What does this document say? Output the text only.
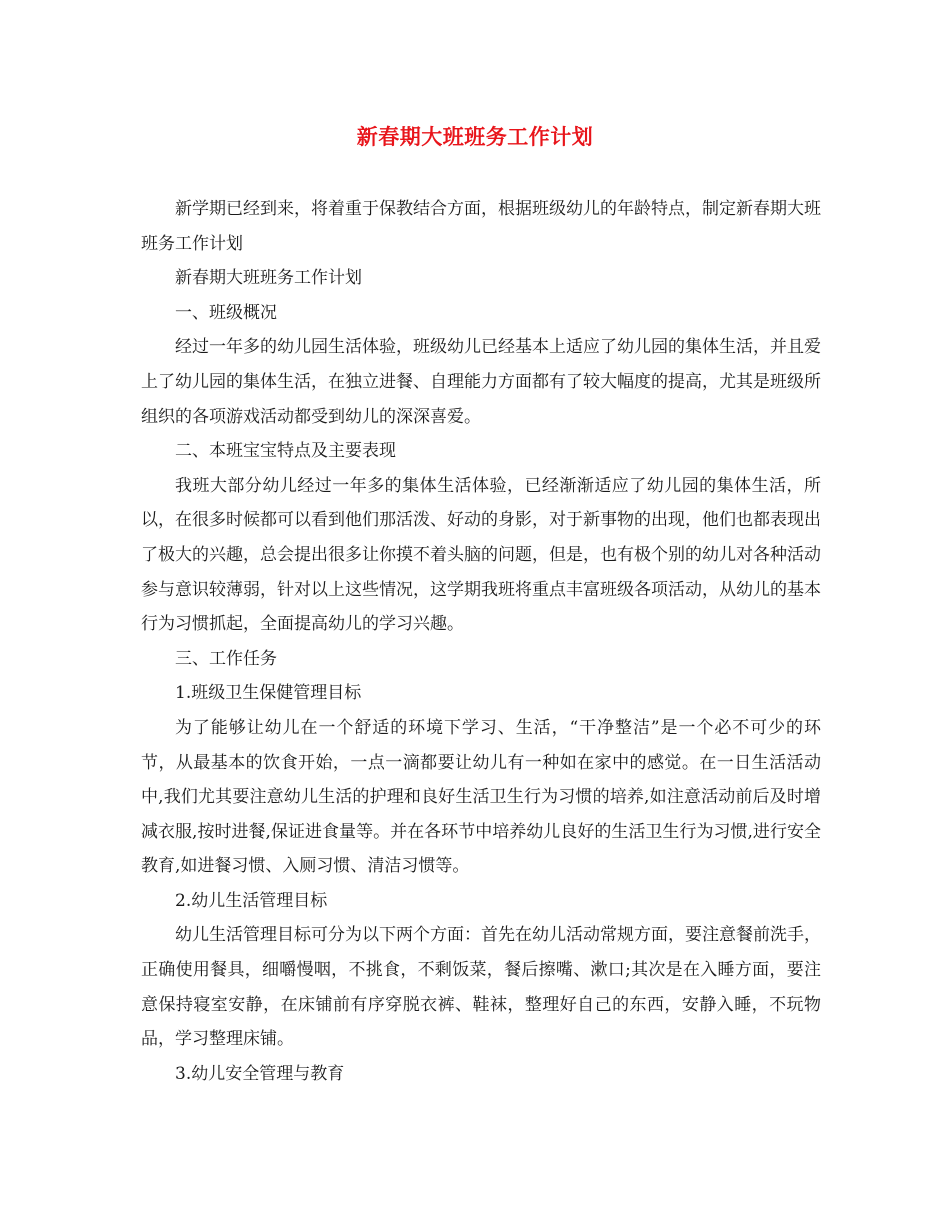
新春期大班班务工作计划

新学期已经到来，将着重于保教结合方面，根据班级幼儿的年龄特点，制定新春期大班班务工作计划

新春期大班班务工作计划

一、班级概况

经过一年多的幼儿园生活体验，班级幼儿已经基本上适应了幼儿园的集体生活，并且爱上了幼儿园的集体生活，在独立进餐、自理能力方面都有了较大幅度的提高，尤其是班级所组织的各项游戏活动都受到幼儿的深深喜爱。

二、本班宝宝特点及主要表现

我班大部分幼儿经过一年多的集体生活体验，已经渐渐适应了幼儿园的集体生活，所以，在很多时候都可以看到他们那活泼、好动的身影，对于新事物的出现，他们也都表现出了极大的兴趣，总会提出很多让你摸不着头脑的问题，但是，也有极个别的幼儿对各种活动参与意识较薄弱，针对以上这些情况，这学期我班将重点丰富班级各项活动，从幼儿的基本行为习惯抓起，全面提高幼儿的学习兴趣。

三、工作任务

1.班级卫生保健管理目标

为了能够让幼儿在一个舒适的环境下学习、生活，“干净整洁”是一个必不可少的环节，从最基本的饮食开始，一点一滴都要让幼儿有一种如在家中的感觉。在一日生活活动中,我们尤其要注意幼儿生活的护理和良好生活卫生行为习惯的培养,如注意活动前后及时增减衣服,按时进餐,保证进食量等。并在各环节中培养幼儿良好的生活卫生行为习惯,进行安全教育,如进餐习惯、入厕习惯、清洁习惯等。

2.幼儿生活管理目标

幼儿生活管理目标可分为以下两个方面：首先在幼儿活动常规方面，要注意餐前洗手，正确使用餐具，细嚼慢咽，不挑食，不剩饭菜，餐后擦嘴、漱口;其次是在入睡方面，要注意保持寝室安静，在床铺前有序穿脱衣裤、鞋袜，整理好自己的东西，安静入睡，不玩物品，学习整理床铺。

3.幼儿安全管理与教育
